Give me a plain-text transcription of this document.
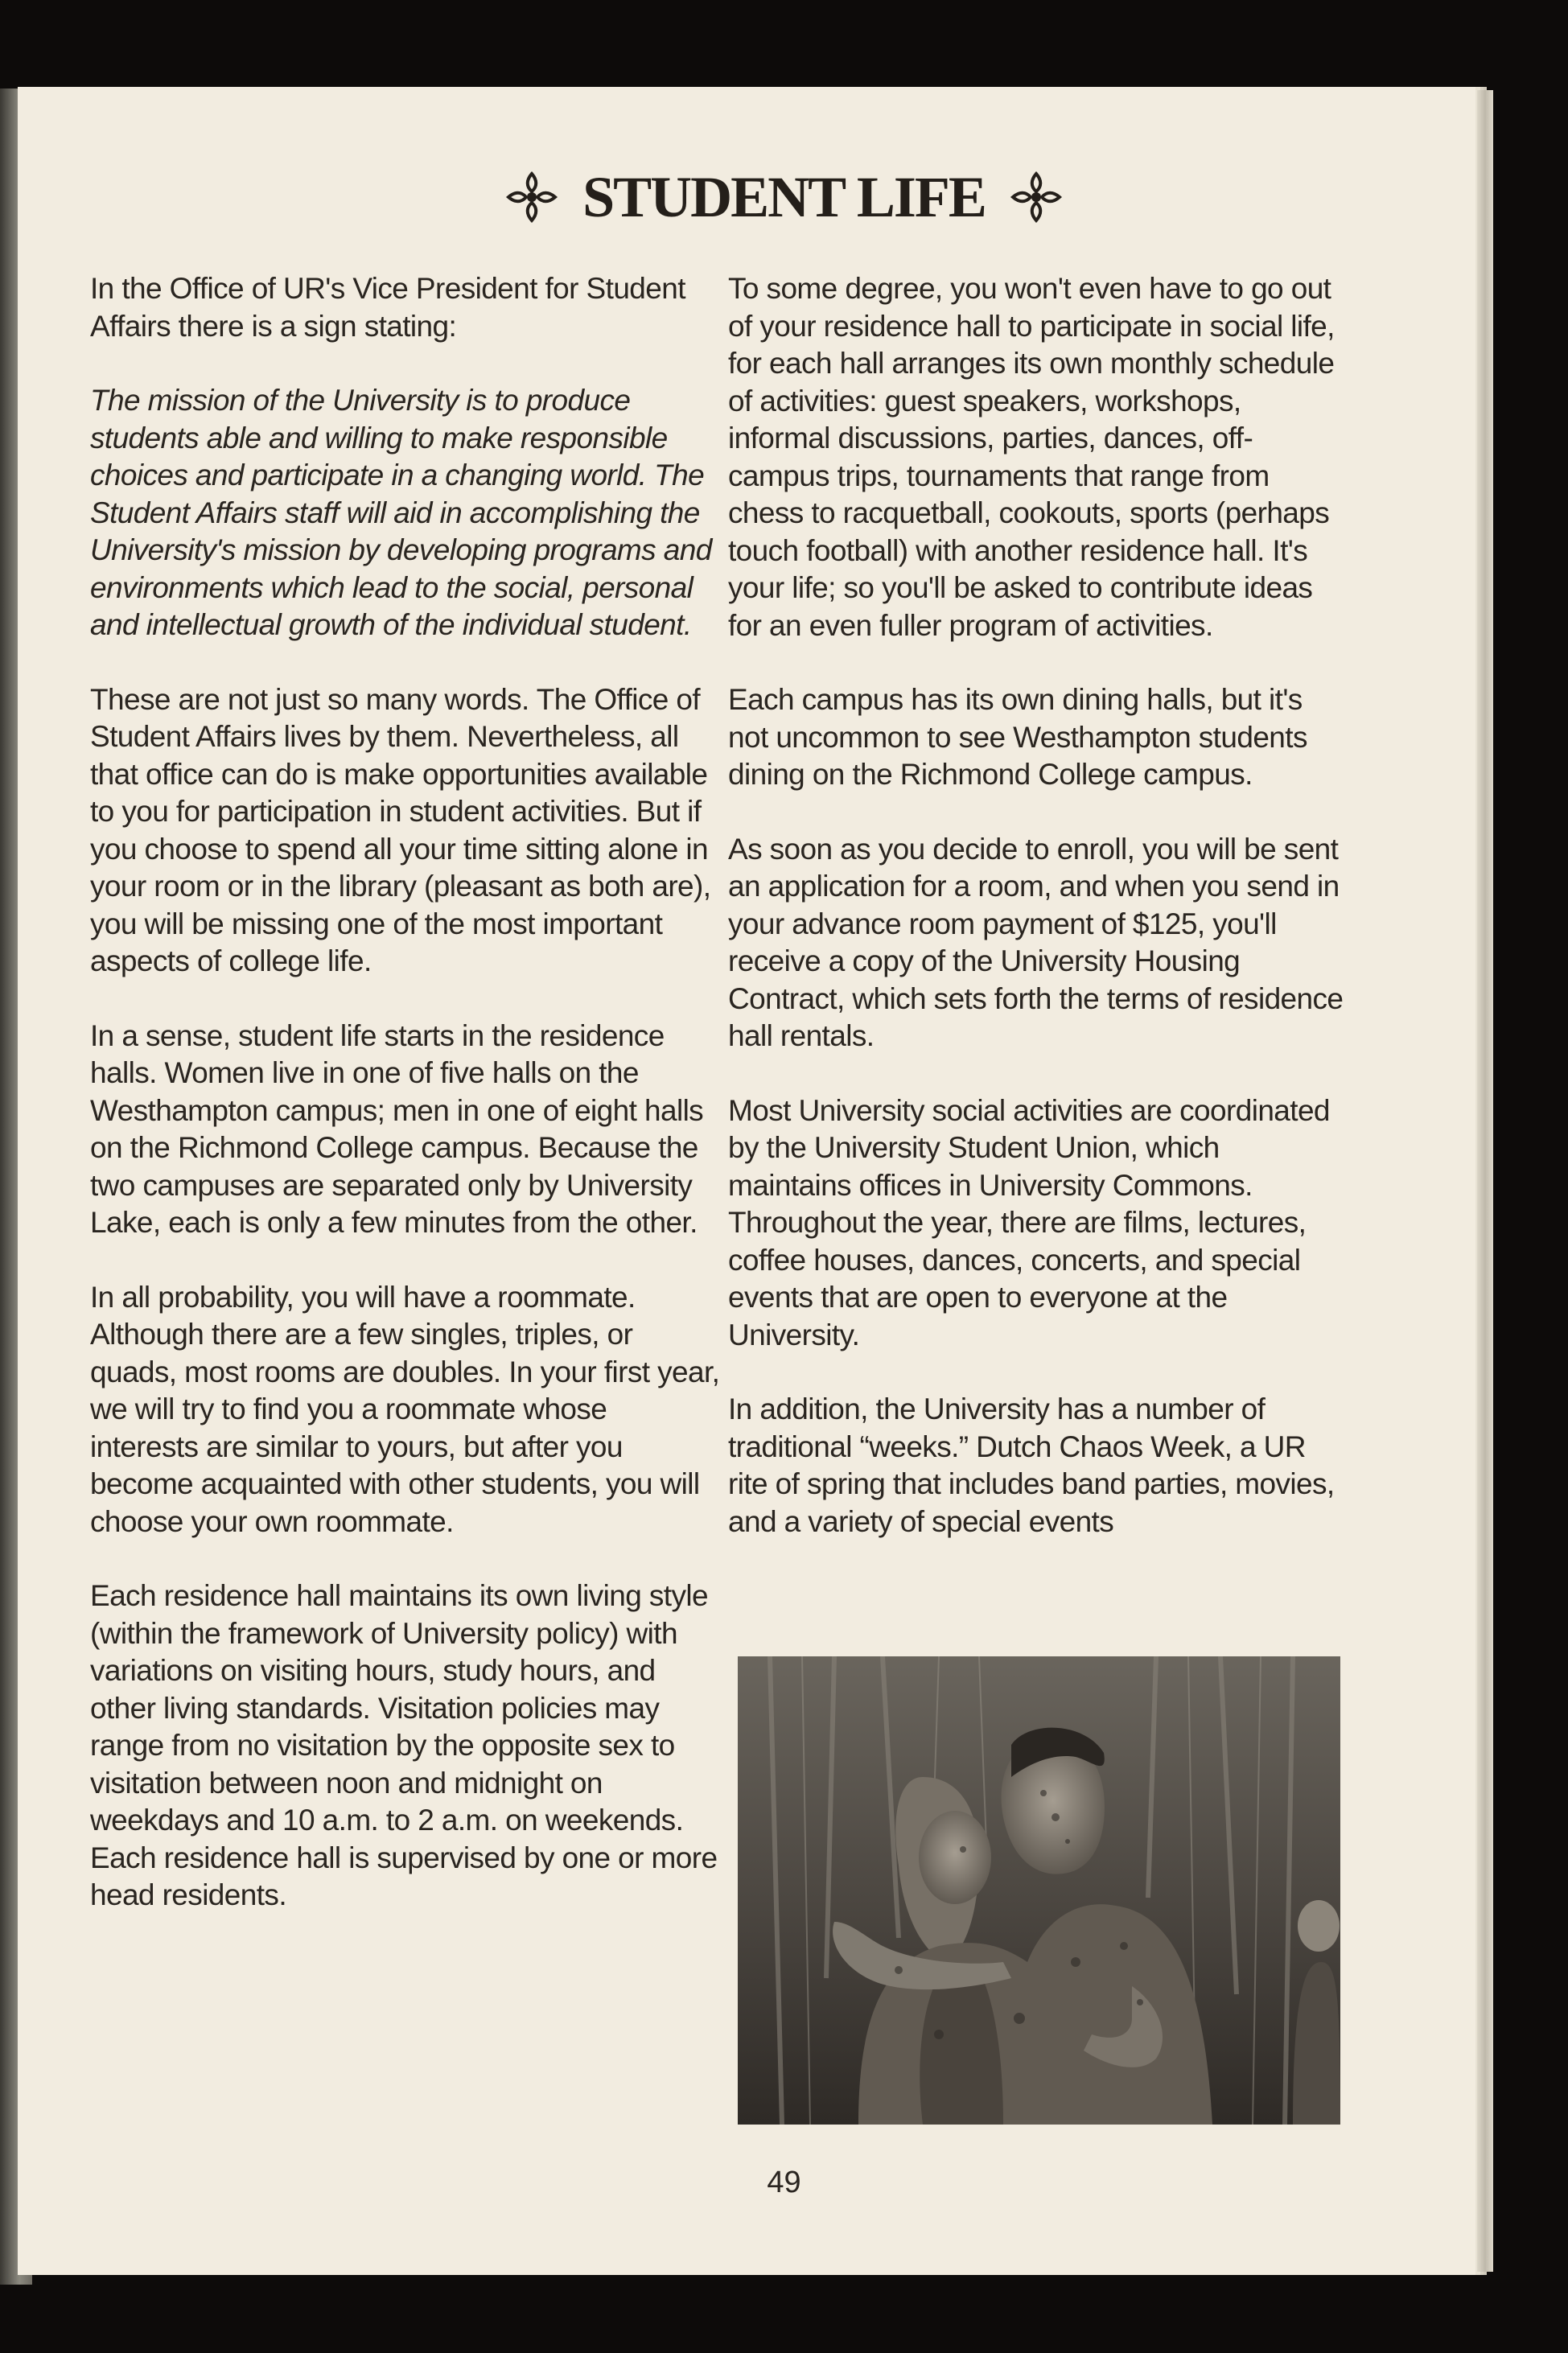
STUDENT LIFE

In the Office of UR's Vice President for Student Affairs there is a sign stating:

The mission of the University is to produce students able and willing to make responsible choices and participate in a changing world. The Student Affairs staff will aid in accomplishing the University's mission by developing programs and environments which lead to the social, personal and intellectual growth of the individual student.

These are not just so many words. The Office of Student Affairs lives by them. Nevertheless, all that office can do is make opportunities available to you for participation in student activities. But if you choose to spend all your time sitting alone in your room or in the library (pleasant as both are), you will be missing one of the most important aspects of college life.

In a sense, student life starts in the residence halls. Women live in one of five halls on the Westhampton campus; men in one of eight halls on the Richmond College campus. Because the two campuses are separated only by University Lake, each is only a few minutes from the other.

In all probability, you will have a roommate. Although there are a few singles, triples, or quads, most rooms are doubles. In your first year, we will try to find you a roommate whose interests are similar to yours, but after you become acquainted with other students, you will choose your own roommate.

Each residence hall maintains its own living style (within the framework of University policy) with variations on visiting hours, study hours, and other living standards. Visitation policies may range from no visitation by the opposite sex to visitation between noon and midnight on weekdays and 10 a.m. to 2 a.m. on weekends. Each residence hall is supervised by one or more head residents.

To some degree, you won't even have to go out of your residence hall to participate in social life, for each hall arranges its own monthly schedule of activities: guest speakers, workshops, informal discussions, parties, dances, off-campus trips, tournaments that range from chess to racquetball, cookouts, sports (perhaps touch football) with another residence hall. It's your life; so you'll be asked to contribute ideas for an even fuller program of activities.

Each campus has its own dining halls, but it's not uncommon to see Westhampton students dining on the Richmond College campus.

As soon as you decide to enroll, you will be sent an application for a room, and when you send in your advance room payment of $125, you'll receive a copy of the University Housing Contract, which sets forth the terms of residence hall rentals.

Most University social activities are coordinated by the University Student Union, which maintains offices in University Commons. Throughout the year, there are films, lectures, coffee houses, dances, concerts, and special events that are open to everyone at the University.

In addition, the University has a number of traditional “weeks.” Dutch Chaos Week, a UR rite of spring that includes band parties, movies, and a variety of special events

49
